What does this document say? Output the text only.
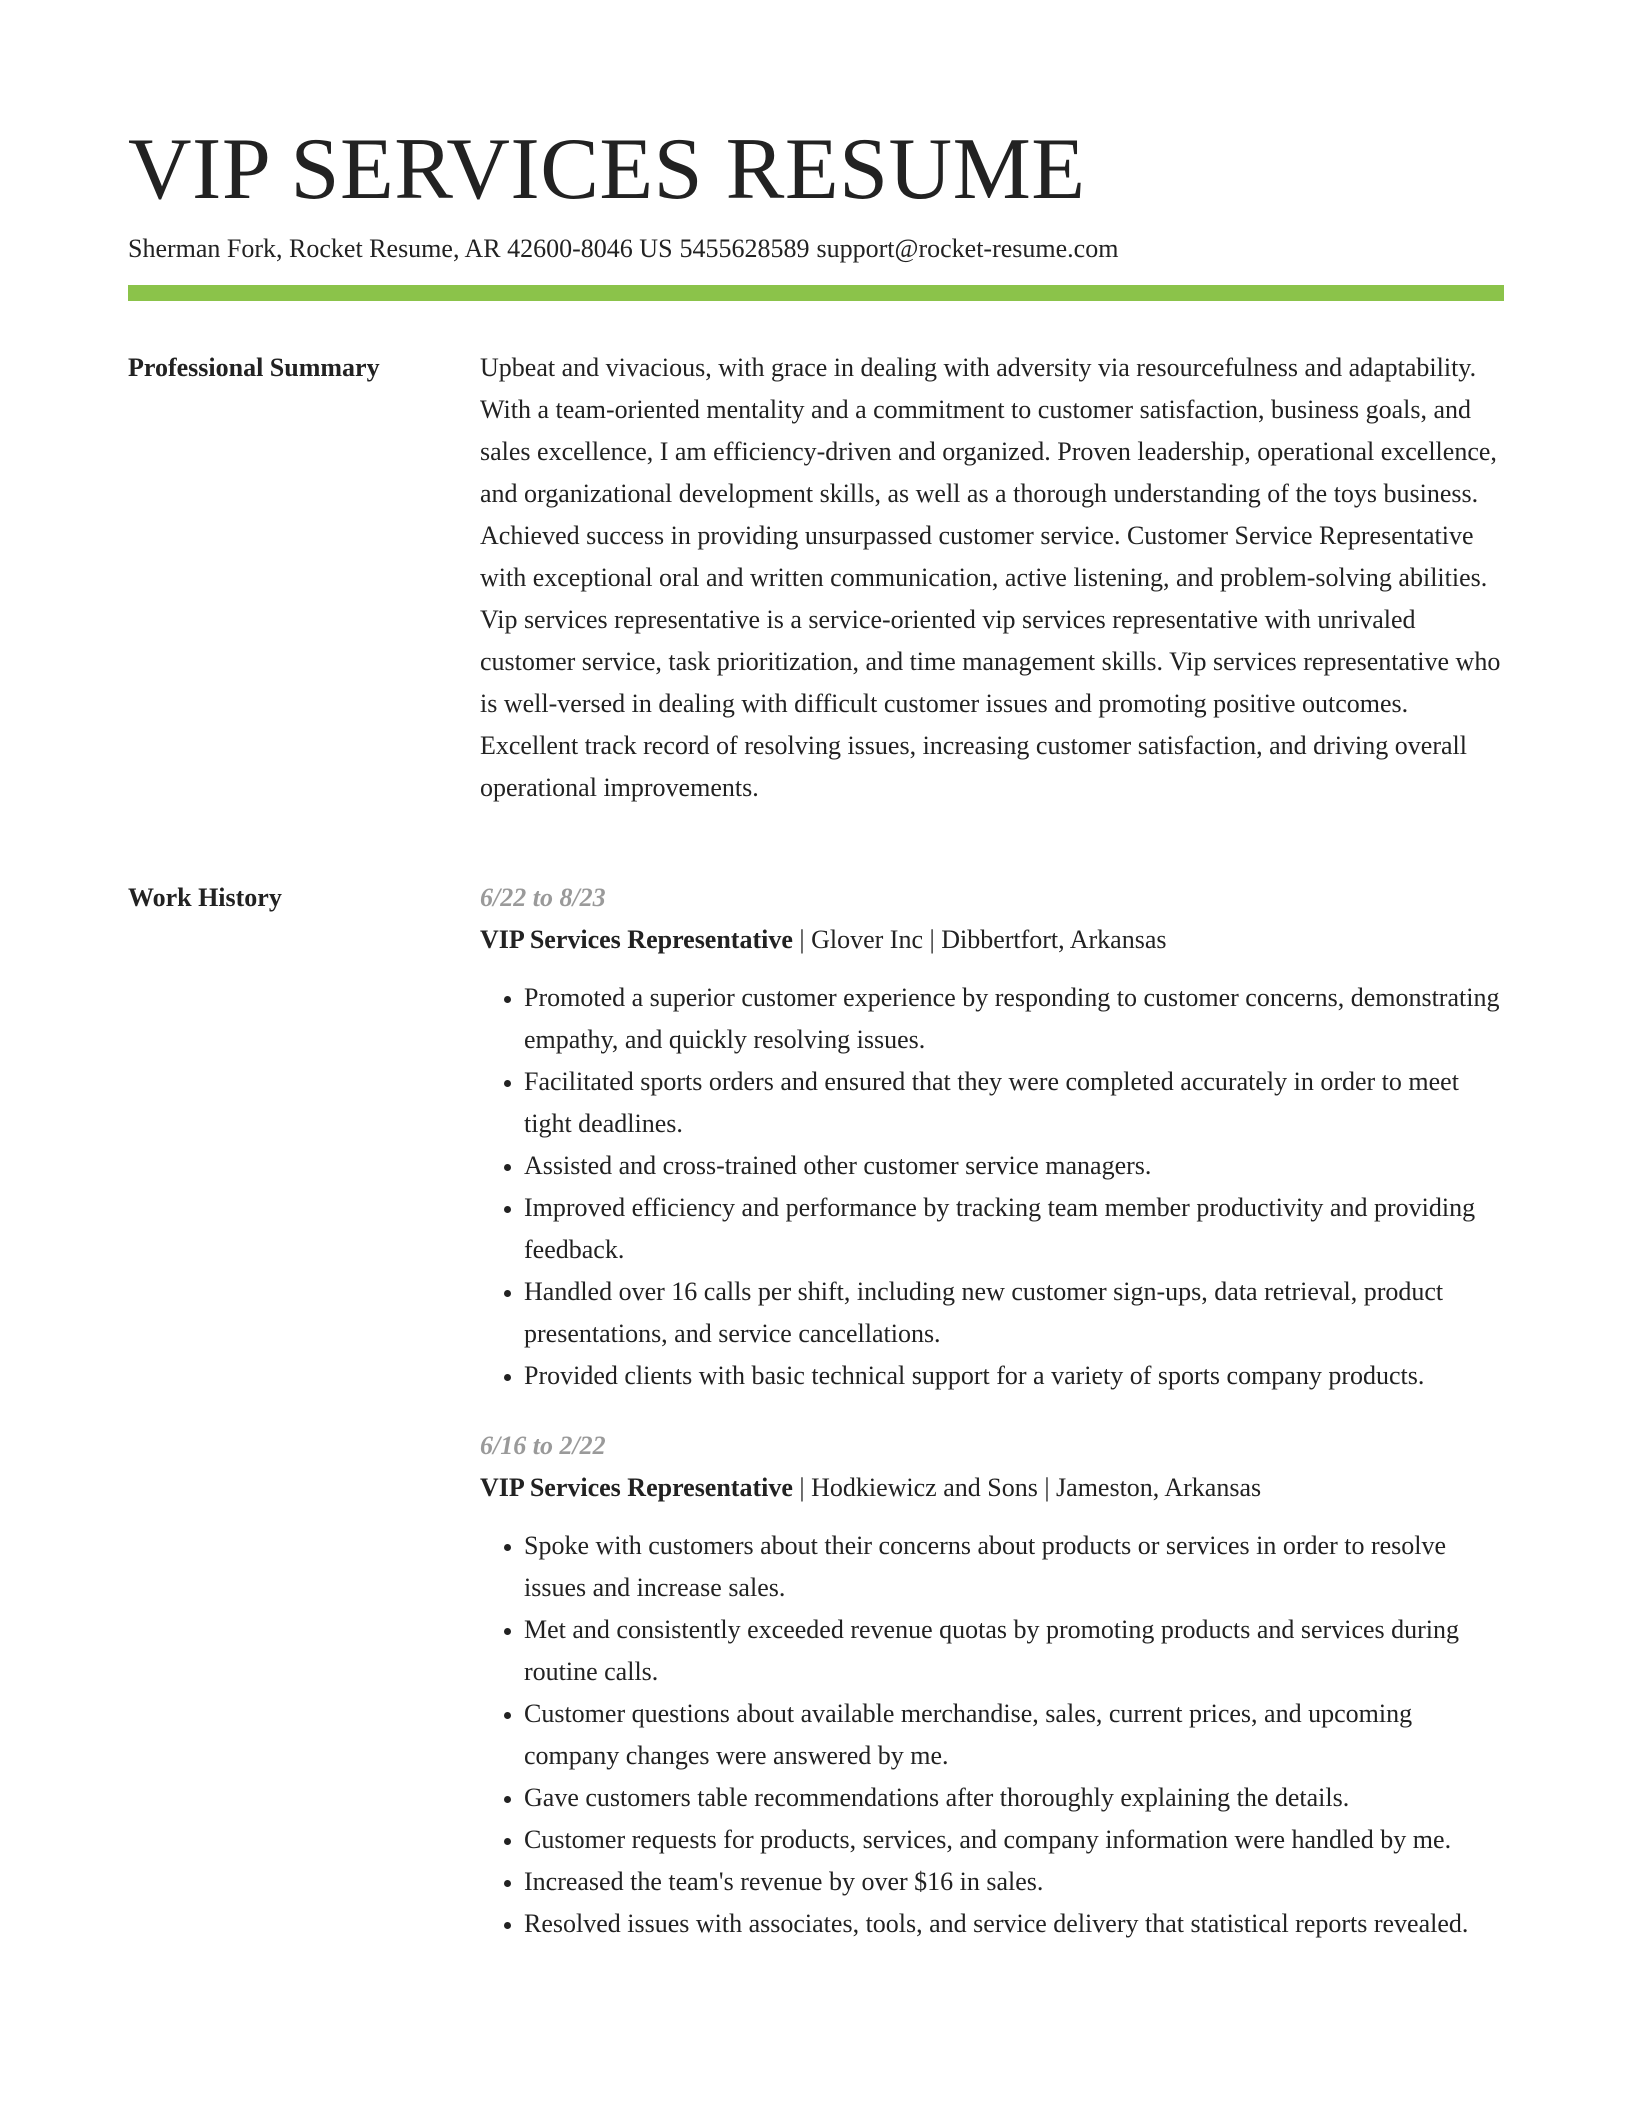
VIP SERVICES RESUME
Sherman Fork, Rocket Resume, AR 42600-8046 US 5455628589 support@rocket-resume.com
Professional Summary	Upbeat and vivacious, with grace in dealing with adversity via resourcefulness and adaptability. With a team-oriented mentality and a commitment to customer satisfaction, business goals, and sales excellence, I am efficiency-driven and organized. Proven leadership, operational excellence, and organizational development skills, as well as a thorough understanding of the toys business. Achieved success in providing unsurpassed customer service. Customer Service Representative with exceptional oral and written communication, active listening, and problem-solving abilities. Vip services representative is a service-oriented vip services representative with unrivaled customer service, task prioritization, and time management skills. Vip services representative who is well-versed in dealing with difficult customer issues and promoting positive outcomes. Excellent track record of resolving issues, increasing customer satisfaction, and driving overall operational improvements.

Work History	6/22 to 8/23
VIP Services Representative | Glover Inc | Dibbertfort, Arkansas
• Promoted a superior customer experience by responding to customer concerns, demonstrating empathy, and quickly resolving issues.
• Facilitated sports orders and ensured that they were completed accurately in order to meet tight deadlines.
• Assisted and cross-trained other customer service managers.
• Improved efficiency and performance by tracking team member productivity and providing feedback.
• Handled over 16 calls per shift, including new customer sign-ups, data retrieval, product presentations, and service cancellations.
• Provided clients with basic technical support for a variety of sports company products.
6/16 to 2/22
VIP Services Representative | Hodkiewicz and Sons | Jameston, Arkansas
• Spoke with customers about their concerns about products or services in order to resolve issues and increase sales.
• Met and consistently exceeded revenue quotas by promoting products and services during routine calls.
• Customer questions about available merchandise, sales, current prices, and upcoming company changes were answered by me.
• Gave customers table recommendations after thoroughly explaining the details.
• Customer requests for products, services, and company information were handled by me.
• Increased the team's revenue by over $16 in sales.
• Resolved issues with associates, tools, and service delivery that statistical reports revealed.
